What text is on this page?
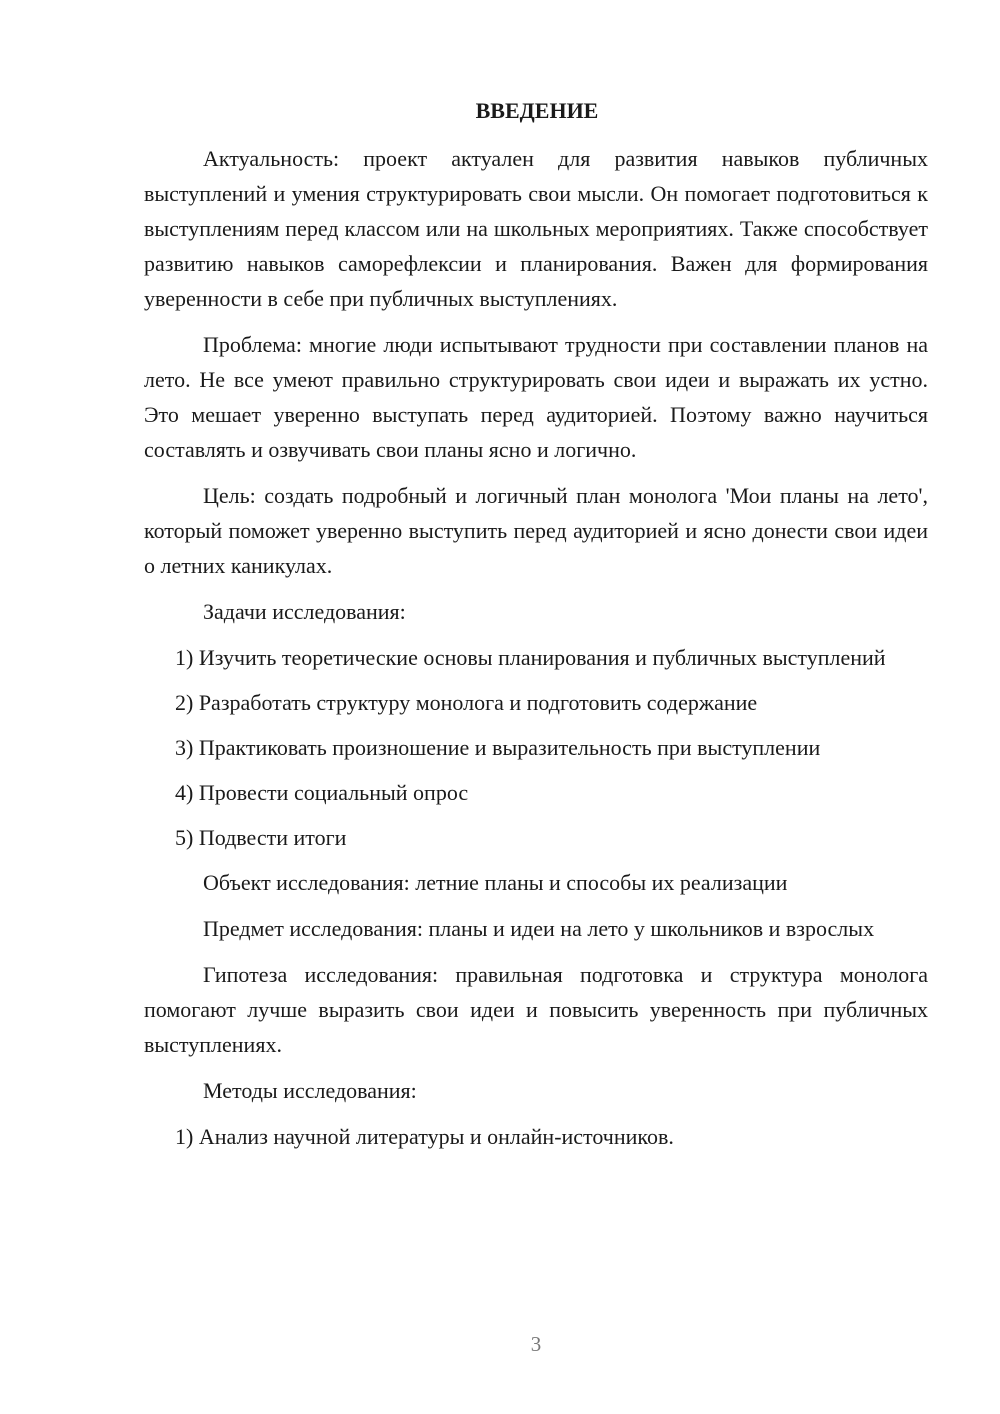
ВВЕДЕНИЕ
Актуальность: проект актуален для развития навыков публичных выступлений и умения структурировать свои мысли. Он помогает подготовиться к выступлениям перед классом или на школьных мероприятиях. Также способствует развитию навыков саморефлексии и планирования. Важен для формирования уверенности в себе при публичных выступлениях.
Проблема: многие люди испытывают трудности при составлении планов на лето. Не все умеют правильно структурировать свои идеи и выражать их устно. Это мешает уверенно выступать перед аудиторией. Поэтому важно научиться составлять и озвучивать свои планы ясно и логично.
Цель: создать подробный и логичный план монолога 'Мои планы на лето', который поможет уверенно выступить перед аудиторией и ясно донести свои идеи о летних каникулах.
Задачи исследования:
1) Изучить теоретические основы планирования и публичных выступлений
2) Разработать структуру монолога и подготовить содержание
3) Практиковать произношение и выразительность при выступлении
4) Провести социальный опрос
5) Подвести итоги
Объект исследования: летние планы и способы их реализации
Предмет исследования: планы и идеи на лето у школьников и взрослых
Гипотеза исследования: правильная подготовка и структура монолога помогают лучше выразить свои идеи и повысить уверенность при публичных выступлениях.
Методы исследования:
1) Анализ научной литературы и онлайн-источников.
3
